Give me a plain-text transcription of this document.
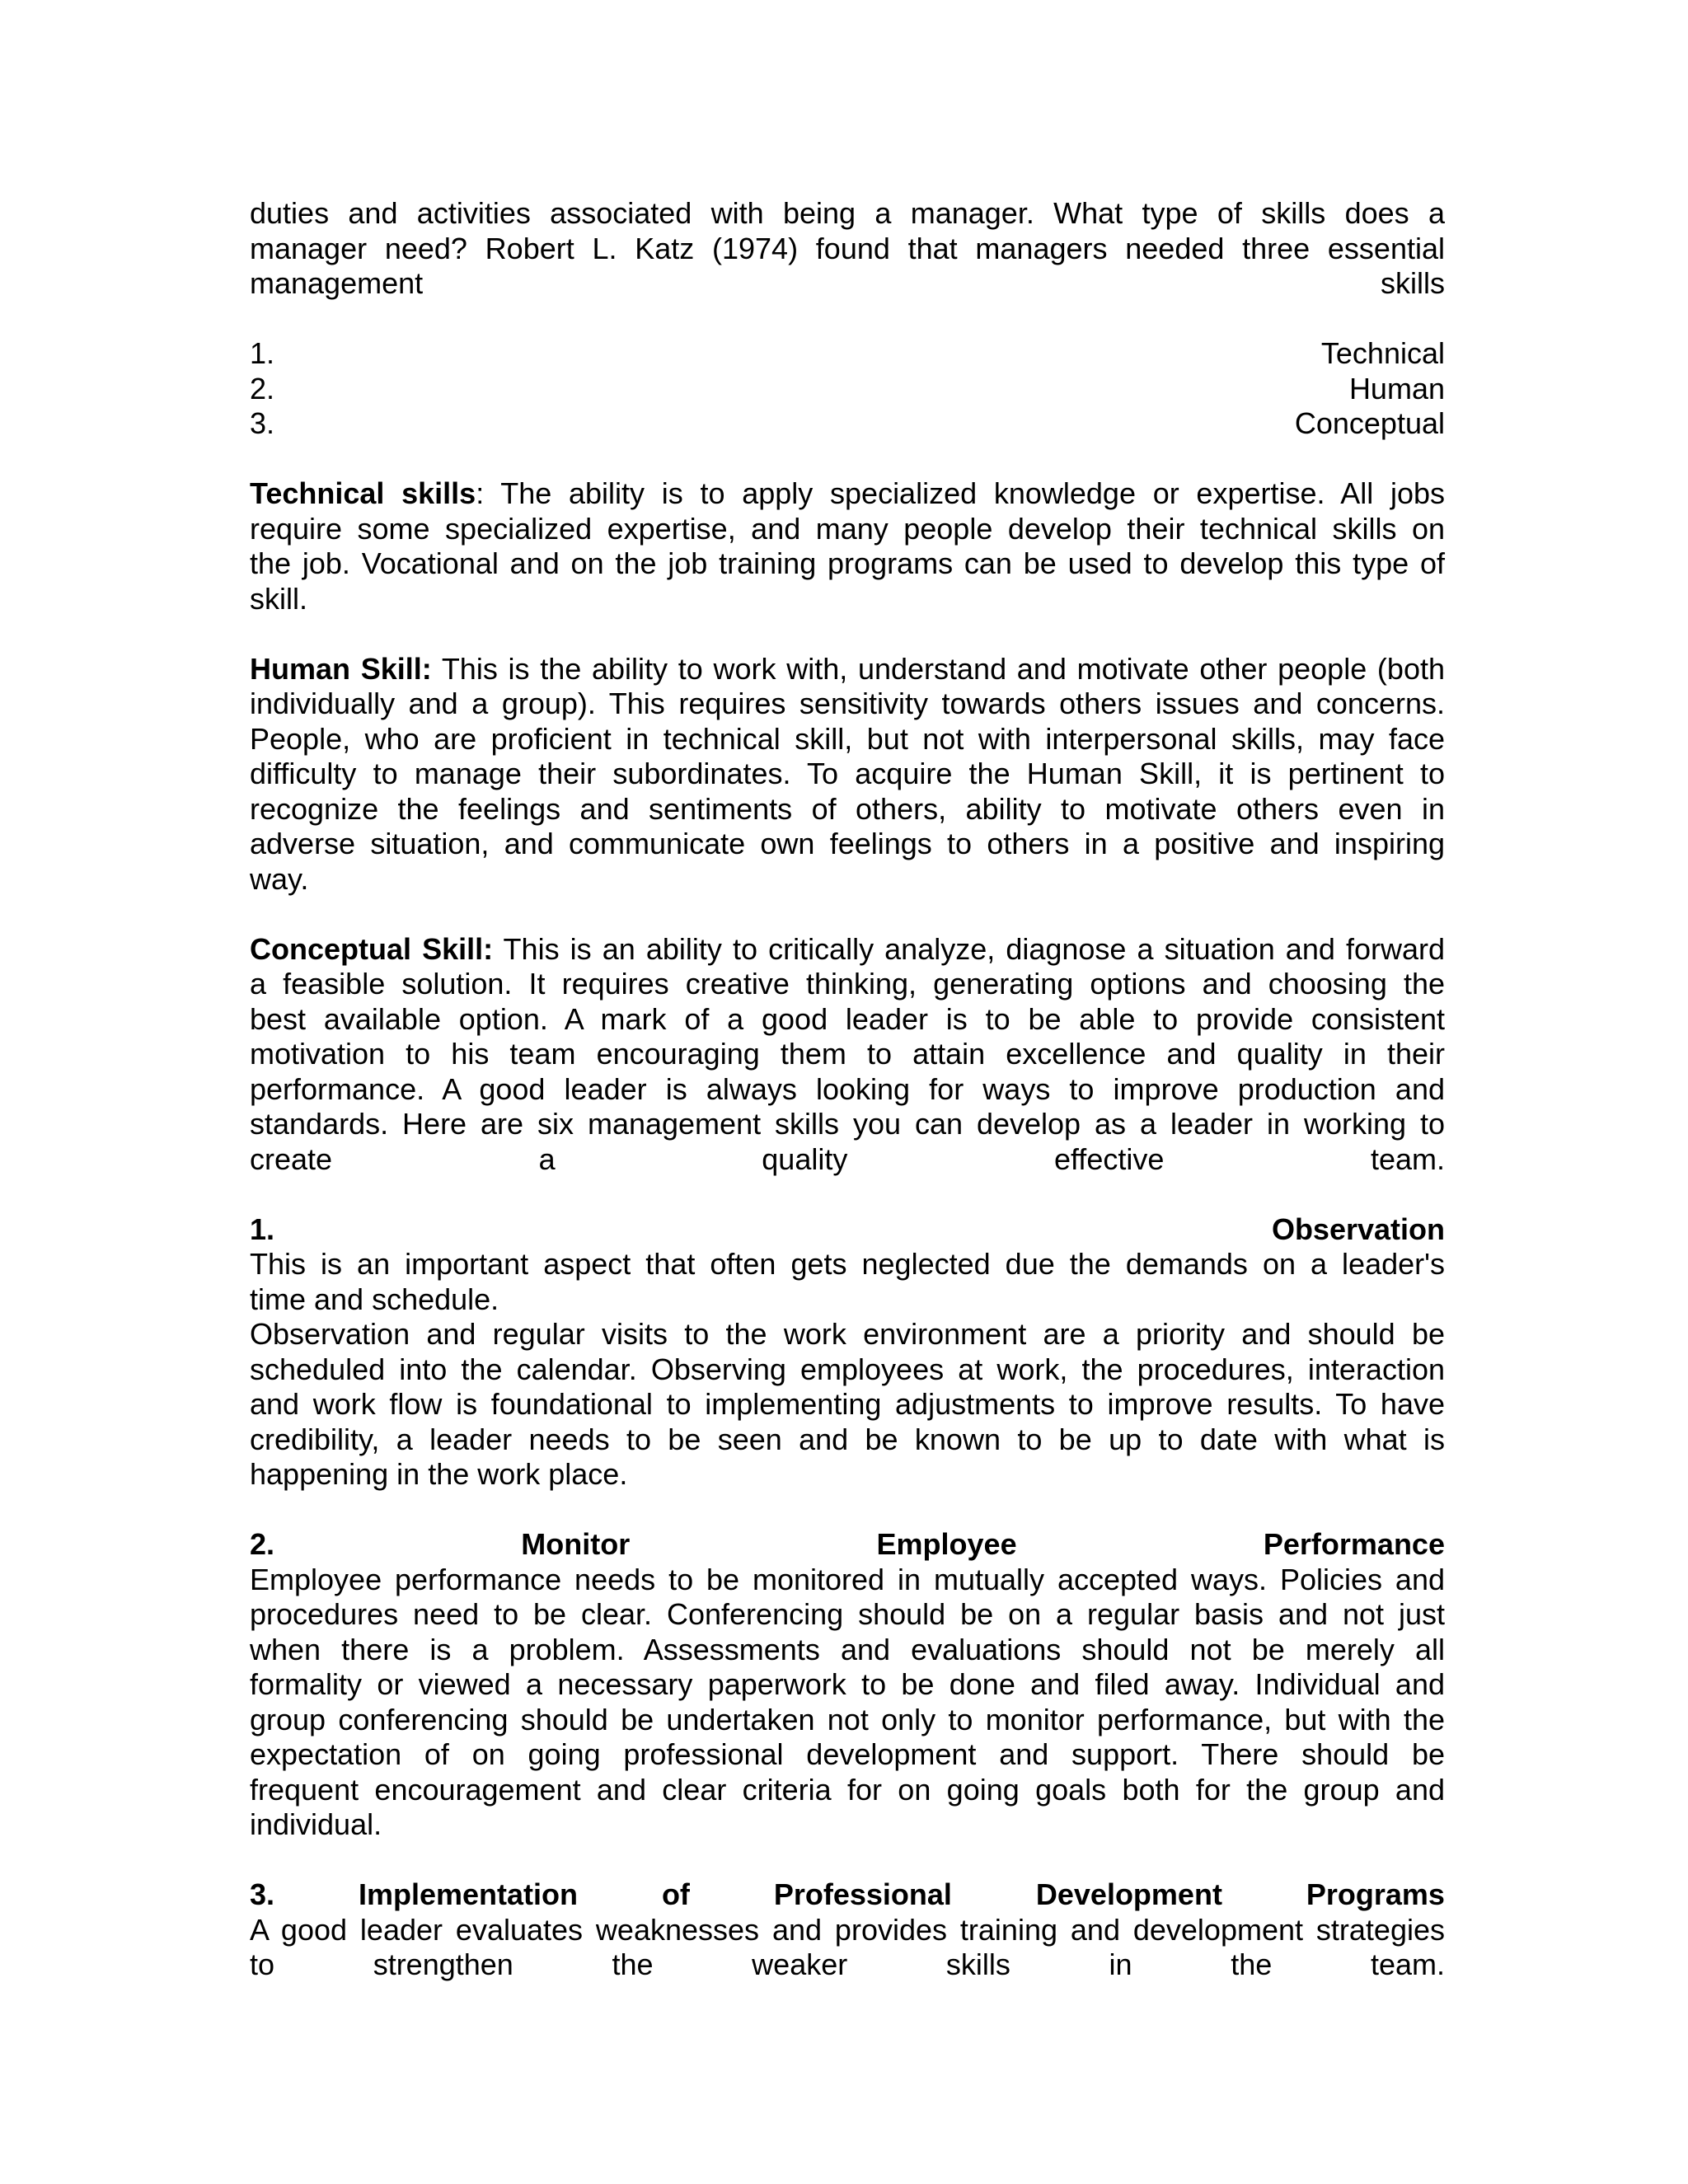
duties and activities associated with being a manager. What type of skills does a
manager need? Robert L. Katz (1974) found that managers needed three essential
management	skills
1.	Technical
2.	Human
3.	Conceptual
Technical skills: The ability is to apply specialized knowledge or expertise. All jobs
require some specialized expertise, and many people develop their technical skills on
the job. Vocational and on the job training programs can be used to develop this type of
skill.
Human Skill: This is the ability to work with, understand and motivate other people (both
individually and a group). This requires sensitivity towards others issues and concerns.
People, who are proficient in technical skill, but not with interpersonal skills, may face
difficulty to manage their subordinates. To acquire the Human Skill, it is pertinent to
recognize the feelings and sentiments of others, ability to motivate others even in
adverse situation, and communicate own feelings to others in a positive and inspiring
way.
Conceptual Skill: This is an ability to critically analyze, diagnose a situation and forward
a feasible solution. It requires creative thinking, generating options and choosing the
best available option. A mark of a good leader is to be able to provide consistent
motivation to his team encouraging them to attain excellence and quality in their
performance. A good leader is always looking for ways to improve production and
standards. Here are six management skills you can develop as a leader in working to
create	a	quality	effective	team.
1.	Observation
This is an important aspect that often gets neglected due the demands on a leader's
time and schedule.
Observation and regular visits to the work environment are a priority and should be
scheduled into the calendar. Observing employees at work, the procedures, interaction
and work flow is foundational to implementing adjustments to improve results. To have
credibility, a leader needs to be seen and be known to be up to date with what is
happening in the work place.
2.	Monitor	Employee	Performance
Employee performance needs to be monitored in mutually accepted ways. Policies and
procedures need to be clear. Conferencing should be on a regular basis and not just
when there is a problem. Assessments and evaluations should not be merely all
formality or viewed a necessary paperwork to be done and filed away. Individual and
group conferencing should be undertaken not only to monitor performance, but with the
expectation of on going professional development and support. There should be
frequent encouragement and clear criteria for on going goals both for the group and
individual.
3.	Implementation	of	Professional	Development	Programs
A good leader evaluates weaknesses and provides training and development strategies
to	strengthen	the	weaker	skills	in	the	team.
